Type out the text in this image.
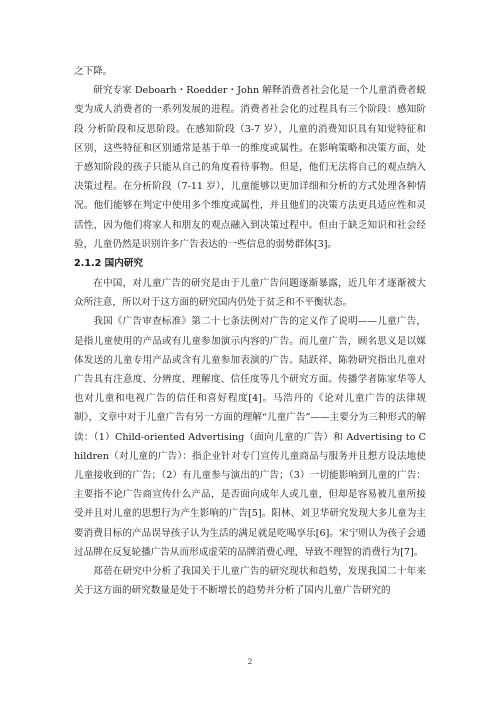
之下降。

研究专家 Deboarh・Roedder・John 解释消费者社会化是一个儿童消费者蜕变为成人消费者的一系列发展的进程。消费者社会化的过程具有三个阶段：感知阶段 分析阶段和反思阶段。在感知阶段（3-7 岁），儿童的消费知识具有知觉特征和区别，这些特征和区别通常是基于单一的维度或属性。在影响策略和决策方面，处于感知阶段的孩子只能从自己的角度看待事物。但是，他们无法将自己的观点纳入决策过程。在分析阶段（7-11 岁），儿童能够以更加详细和分析的方式处理各种情况。他们能够在判定中使用多个维度或属性，并且他们的决策方法更具适应性和灵活性，因为他们将家人和朋友的观点融入到决策过程中。但由于缺乏知识和社会经验，儿童仍然是识别许多广告表达的一些信息的弱势群体[3]。

2.1.2 国内研究

在中国，对儿童广告的研究是由于儿童广告问题逐渐暴露，近几年才逐渐被大众所注意，所以对于这方面的研究国内仍处于贫乏和不平衡状态。

我国《广告审查标准》第二十七条法例对广告的定义作了说明——儿童广告，是指儿童使用的产品或有儿童参加演示内容的广告。而儿童广告，顾名思义是以媒体发送的儿童专用产品或含有儿童参加表演的广告。陆跃祥、陈勃研究指出儿童对广告具有注意度、分辨度、理解度、信任度等几个研究方面。传播学者陈家华等人也对儿童和电视广告的信任和喜好程度[4]。马浩丹的《论对儿童广告的法律规制》，文章中对于儿童广告有另一方面的理解“儿童广告”——主要分为三种形式的解读：（1）Child-oriented Advertising（面向儿童的广告）和 Advertising to Children（对儿童的广告）：指企业针对专门宣传儿童商品与服务并且想方设法地使儿童接收到的广告；（2）有儿童参与演出的广告；（3）一切能影响到儿童的广告：主要指不论广告商宣传什么产品，是否面向成年人或儿童，但却是容易被儿童所接受并且对儿童的思想行为产生影响的广告[5]。阳林、刘卫华研究发现大多儿童为主要消费目标的产品误导孩子认为生活的满足就是吃喝享乐[6]。宋宁则认为孩子会通过品牌在反复轮播广告从而形成虚荣的品牌消费心理，导致不理智的消费行为[7]。

郑蓓在研究中分析了我国关于儿童广告的研究现状和趋势，发现我国二十年来关于这方面的研究数量是处于不断增长的趋势并分析了国内儿童广告研究的

2
